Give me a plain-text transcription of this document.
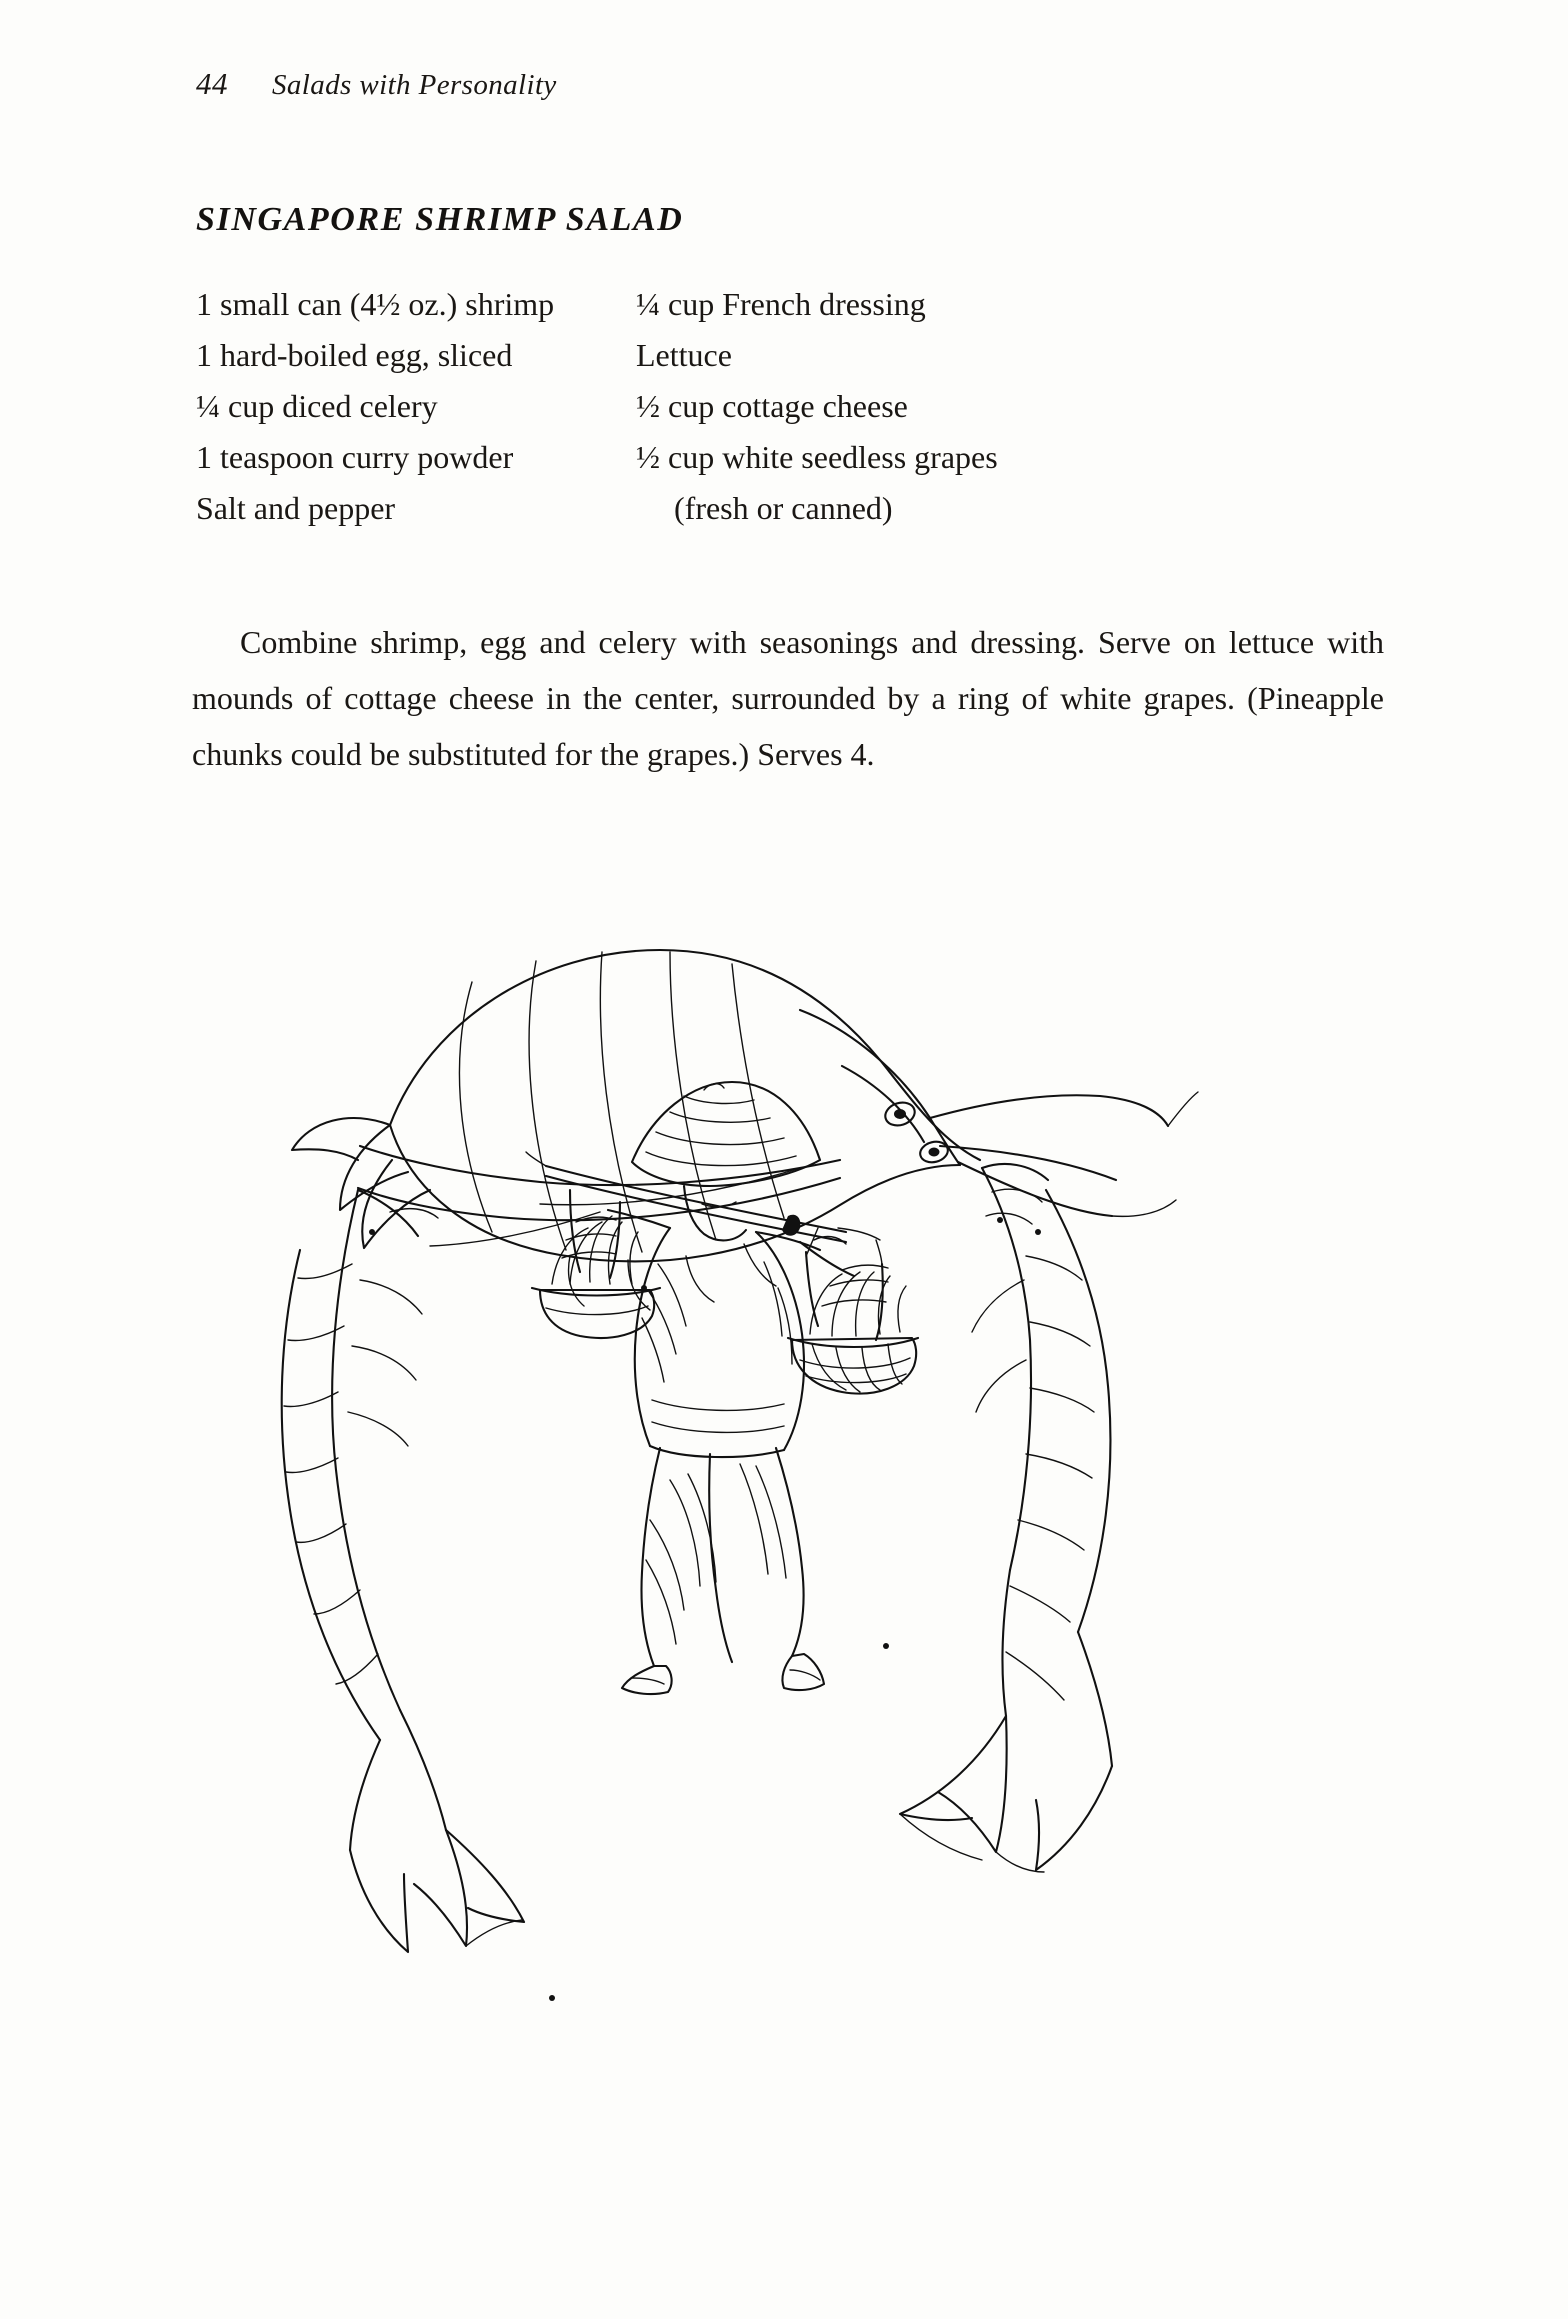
44 Salads with Personality
SINGAPORE SHRIMP SALAD
1 small can (4½ oz.) shrimp
1 hard-boiled egg, sliced
¼ cup diced celery
1 teaspoon curry powder
Salt and pepper
¼ cup French dressing
Lettuce
½ cup cottage cheese
½ cup white seedless grapes
(fresh or canned)

Combine shrimp, egg and celery with seasonings and dressing. Serve on lettuce with mounds of cottage cheese in the center, surrounded by a ring of white grapes. (Pineapple chunks could be substituted for the grapes.) Serves 4.
